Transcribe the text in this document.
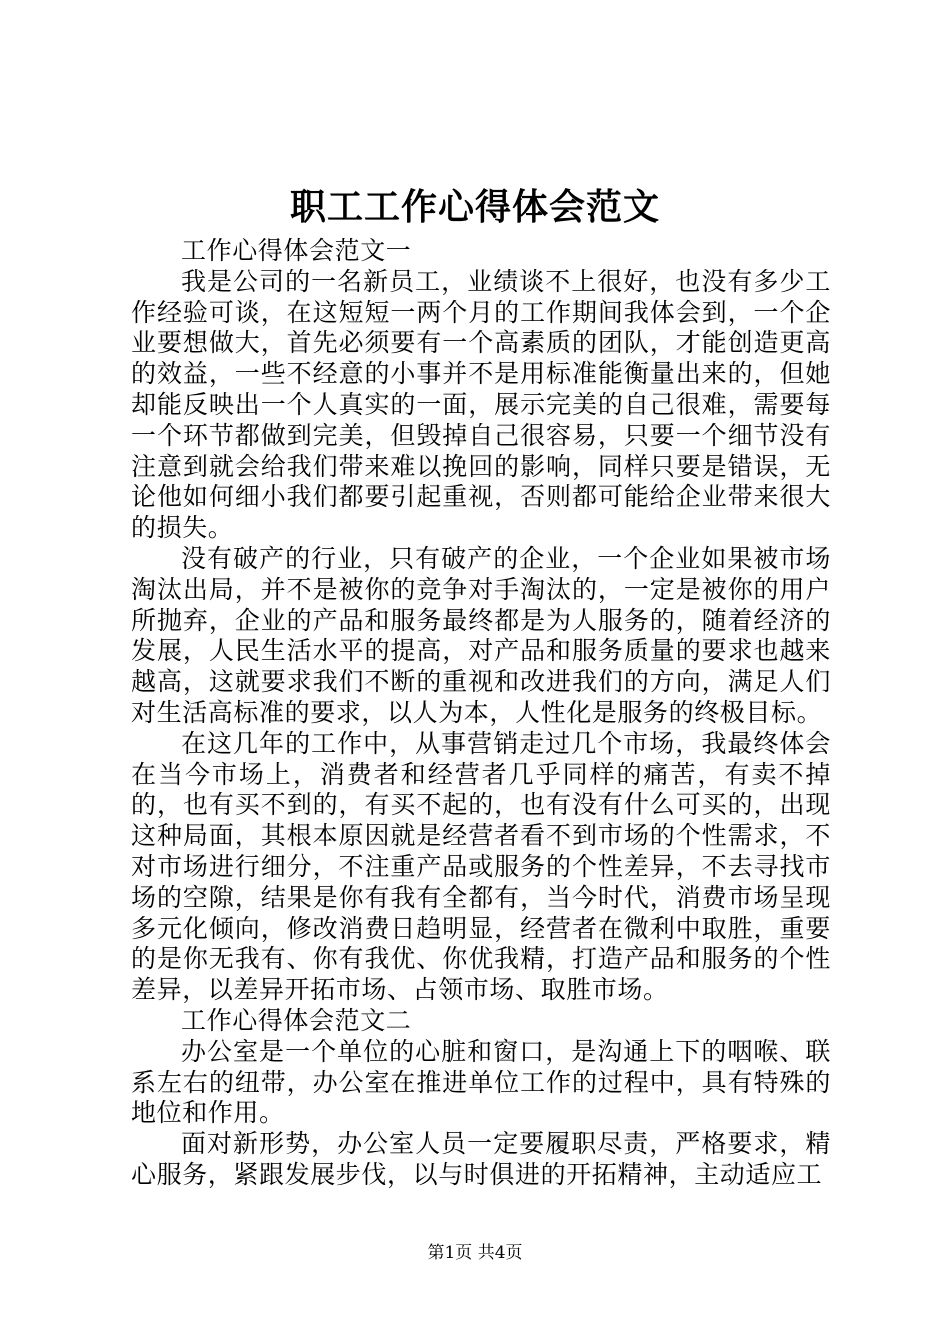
职工工作心得体会范文

工作心得体会范文一

我是公司的一名新员工，业绩谈不上很好，也没有多少工作经验可谈，在这短短一两个月的工作期间我体会到，一个企业要想做大，首先必须要有一个高素质的团队，才能创造更高的效益，一些不经意的小事并不是用标准能衡量出来的，但她却能反映出一个人真实的一面，展示完美的自己很难，需要每一个环节都做到完美，但毁掉自己很容易，只要一个细节没有注意到就会给我们带来难以挽回的影响，同样只要是错误，无论他如何细小我们都要引起重视，否则都可能给企业带来很大的损失。

没有破产的行业，只有破产的企业，一个企业如果被市场淘汰出局，并不是被你的竞争对手淘汰的，一定是被你的用户所抛弃，企业的产品和服务最终都是为人服务的，随着经济的发展，人民生活水平的提高，对产品和服务质量的要求也越来越高，这就要求我们不断的重视和改进我们的方向，满足人们对生活高标准的要求，以人为本，人性化是服务的终极目标。

在这几年的工作中，从事营销走过几个市场，我最终体会在当今市场上，消费者和经营者几乎同样的痛苦，有卖不掉的，也有买不到的，有买不起的，也有没有什么可买的，出现这种局面，其根本原因就是经营者看不到市场的个性需求，不对市场进行细分，不注重产品或服务的个性差异，不去寻找市场的空隙，结果是你有我有全都有，当今时代，消费市场呈现多元化倾向，修改消费日趋明显，经营者在微利中取胜，重要的是你无我有、你有我优、你优我精，打造产品和服务的个性差异，以差异开拓市场、占领市场、取胜市场。

工作心得体会范文二

办公室是一个单位的心脏和窗口，是沟通上下的咽喉、联系左右的纽带，办公室在推进单位工作的过程中，具有特殊的地位和作用。

面对新形势，办公室人员一定要履职尽责，严格要求，精心服务，紧跟发展步伐，以与时俱进的开拓精神，主动适应工

第1页 共4页
